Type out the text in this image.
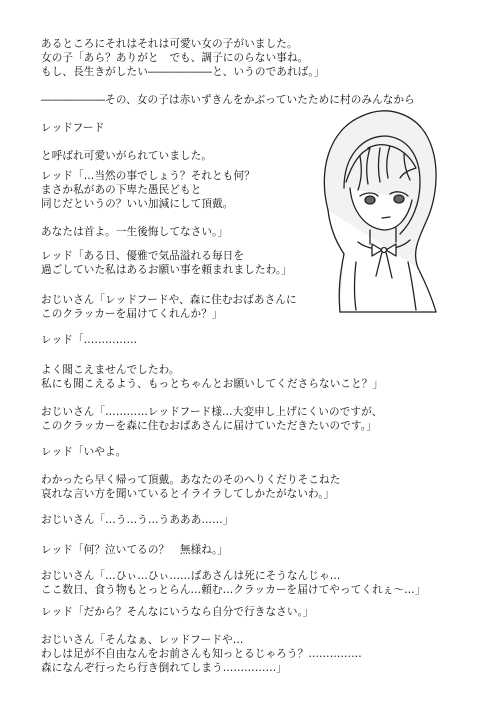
あるところにそれはそれは可愛い女の子がいました。
女の子「あら？ありがと　でも、調子にのらない事ね。
もし、長生きがしたい――――――と、いうのであれば。」
――――――その、女の子は赤いずきんをかぶっていたために村のみんなから
レッドフード
と呼ばれ可愛いがられていました。
レッド「…当然の事でしょう？それとも何？
まさか私があの下卑た愚民どもと
同じだというの？いい加減にして頂戴。
あなたは首よ。一生後悔してなさい。」
レッド「ある日、優雅で気品溢れる毎日を
過ごしていた私はあるお願い事を頼まれましたわ。」
おじいさん「レッドフードや、森に住むおばあさんに
このクラッカーを届けてくれんか？」
レッド「……………
よく聞こえませんでしたわ。
私にも聞こえるよう、もっとちゃんとお願いしてくださらないこと？」
おじいさん「…………レッドフード様…大変申し上げにくいのですが、
このクラッカーを森に住むおばあさんに届けていただきたいのです。」
レッド「いやよ。
わかったら早く帰って頂戴。あなたのそのへりくだりそこねた
哀れな言い方を聞いているとイライラしてしかたがないわ。」
おじいさん「…う…う…うあああ……」
レッド「何？泣いてるの？　無様ね。」
おじいさん「…ひぃ…ひぃ……ばあさんは死にそうなんじゃ…
ここ数日、食う物もとっとらん…頼む…クラッカーを届けてやってくれぇ～…」
レッド「だから？そんなにいうなら自分で行きなさい。」
おじいさん「そんなぁ、レッドフードや…
わしは足が不自由なんをお前さんも知っとるじゃろう？……………
森になんぞ行ったら行き倒れてしまう……………」
